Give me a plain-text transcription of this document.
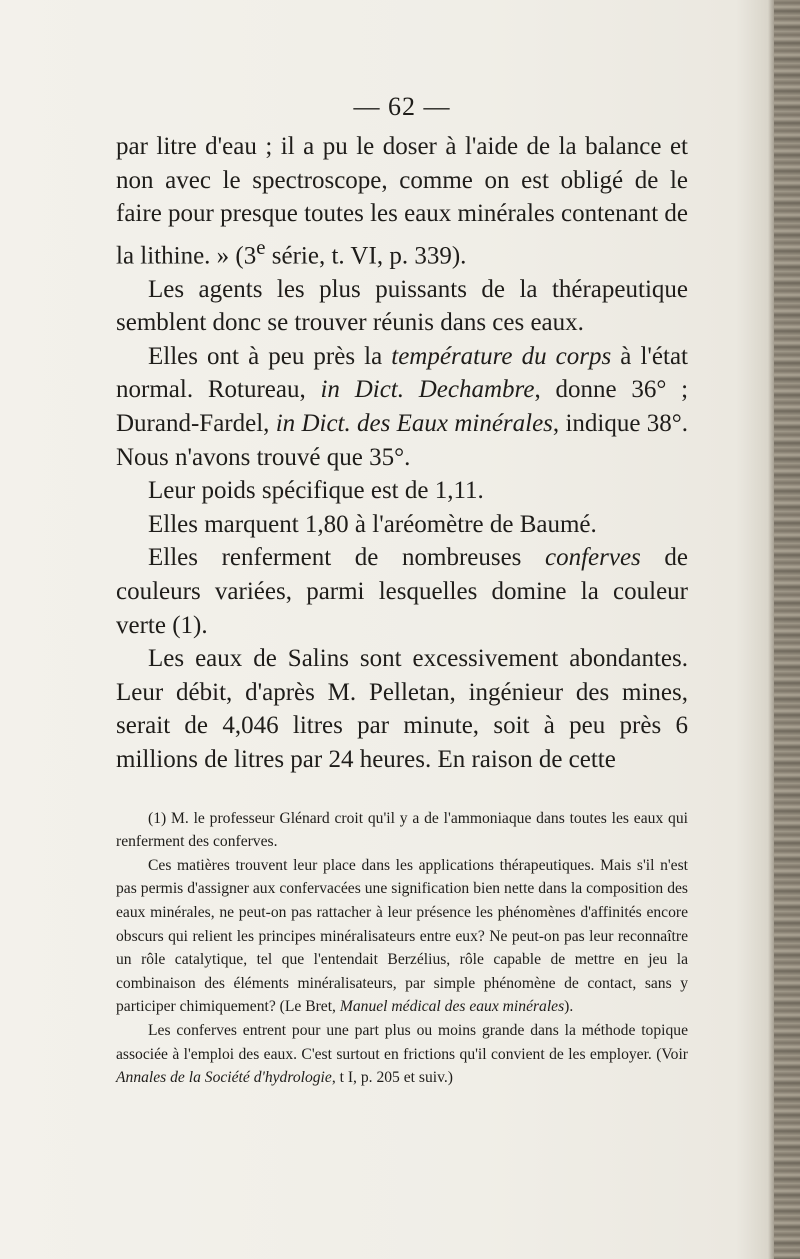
— 62 —

par litre d'eau ; il a pu le doser à l'aide de la balance et non avec le spectroscope, comme on est obligé de le faire pour presque toutes les eaux minérales contenant de la lithine. » (3e série, t. VI, p. 339).

Les agents les plus puissants de la thérapeutique semblent donc se trouver réunis dans ces eaux.

Elles ont à peu près la température du corps à l'état normal. Rotureau, in Dict. Dechambre, donne 36° ; Durand-Fardel, in Dict. des Eaux minérales, indique 38°. Nous n'avons trouvé que 35°.

Leur poids spécifique est de 1,11.

Elles marquent 1,80 à l'aréomètre de Baumé.

Elles renferment de nombreuses conferves de couleurs variées, parmi lesquelles domine la couleur verte (1).

Les eaux de Salins sont excessivement abondantes. Leur débit, d'après M. Pelletan, ingénieur des mines, serait de 4,046 litres par minute, soit à peu près 6 millions de litres par 24 heures. En raison de cette

(1) M. le professeur Glénard croit qu'il y a de l'ammoniaque dans toutes les eaux qui renferment des conferves.

Ces matières trouvent leur place dans les applications thérapeutiques. Mais s'il n'est pas permis d'assigner aux confervacées une signification bien nette dans la composition des eaux minérales, ne peut-on pas rattacher à leur présence les phénomènes d'affinités encore obscurs qui relient les principes minéralisateurs entre eux? Ne peut-on pas leur reconnaître un rôle catalytique, tel que l'entendait Berzélius, rôle capable de mettre en jeu la combinaison des éléments minéralisateurs, par simple phénomène de contact, sans y participer chimiquement? (Le Bret, Manuel médical des eaux minérales).

Les conferves entrent pour une part plus ou moins grande dans la méthode topique associée à l'emploi des eaux. C'est surtout en frictions qu'il convient de les employer. (Voir Annales de la Société d'hydrologie, t I, p. 205 et suiv.)
